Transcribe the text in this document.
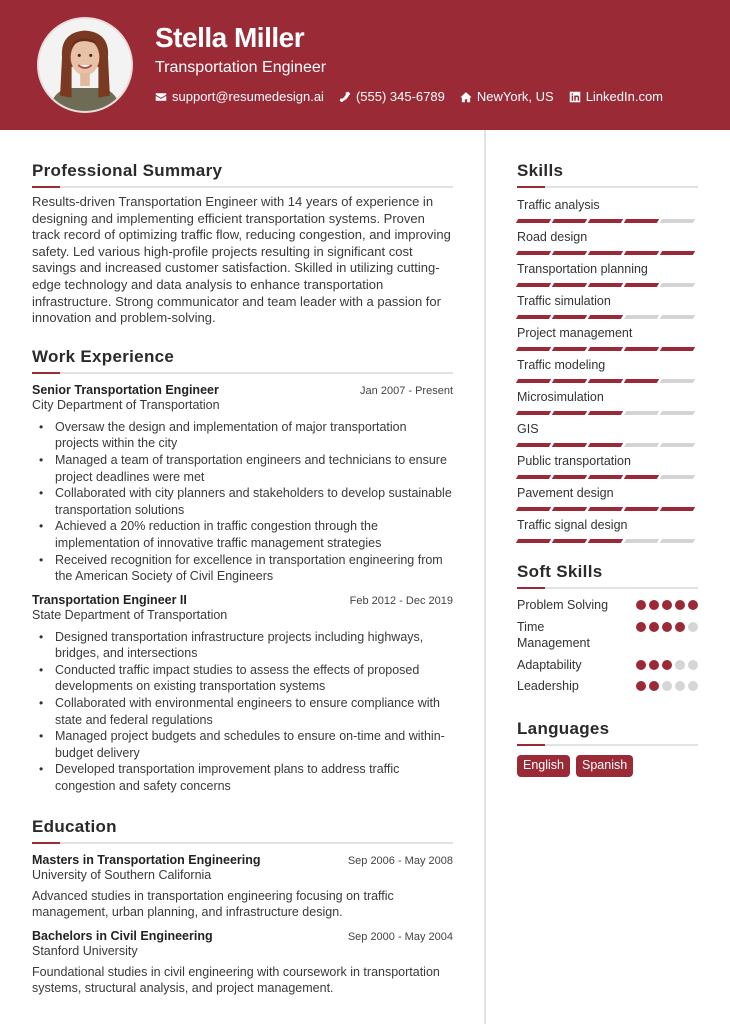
Stella Miller
Transportation Engineer
support@resumedesign.ai (555) 345-6789 NewYork, US LinkedIn.com
Professional Summary
Results-driven Transportation Engineer with 14 years of experience in designing and implementing efficient transportation systems. Proven track record of optimizing traffic flow, reducing congestion, and improving safety. Led various high-profile projects resulting in significant cost savings and increased customer satisfaction. Skilled in utilizing cutting-edge technology and data analysis to enhance transportation infrastructure. Strong communicator and team leader with a passion for innovation and problem-solving.
Work Experience
Senior Transportation Engineer	Jan 2007 - Present
City Department of Transportation
• Oversaw the design and implementation of major transportation projects within the city
• Managed a team of transportation engineers and technicians to ensure project deadlines were met
• Collaborated with city planners and stakeholders to develop sustainable transportation solutions
• Achieved a 20% reduction in traffic congestion through the implementation of innovative traffic management strategies
• Received recognition for excellence in transportation engineering from the American Society of Civil Engineers
Transportation Engineer II	Feb 2012 - Dec 2019
State Department of Transportation
• Designed transportation infrastructure projects including highways, bridges, and intersections
• Conducted traffic impact studies to assess the effects of proposed developments on existing transportation systems
• Collaborated with environmental engineers to ensure compliance with state and federal regulations
• Managed project budgets and schedules to ensure on-time and within-budget delivery
• Developed transportation improvement plans to address traffic congestion and safety concerns
Education
Masters in Transportation Engineering	Sep 2006 - May 2008
University of Southern California
Advanced studies in transportation engineering focusing on traffic management, urban planning, and infrastructure design.
Bachelors in Civil Engineering	Sep 2000 - May 2004
Stanford University
Foundational studies in civil engineering with coursework in transportation systems, structural analysis, and project management.
Skills
Traffic analysis
Road design
Transportation planning
Traffic simulation
Project management
Traffic modeling
Microsimulation
GIS
Public transportation
Pavement design
Traffic signal design
Soft Skills
Problem Solving
Time Management
Adaptability
Leadership
Languages
English	Spanish
